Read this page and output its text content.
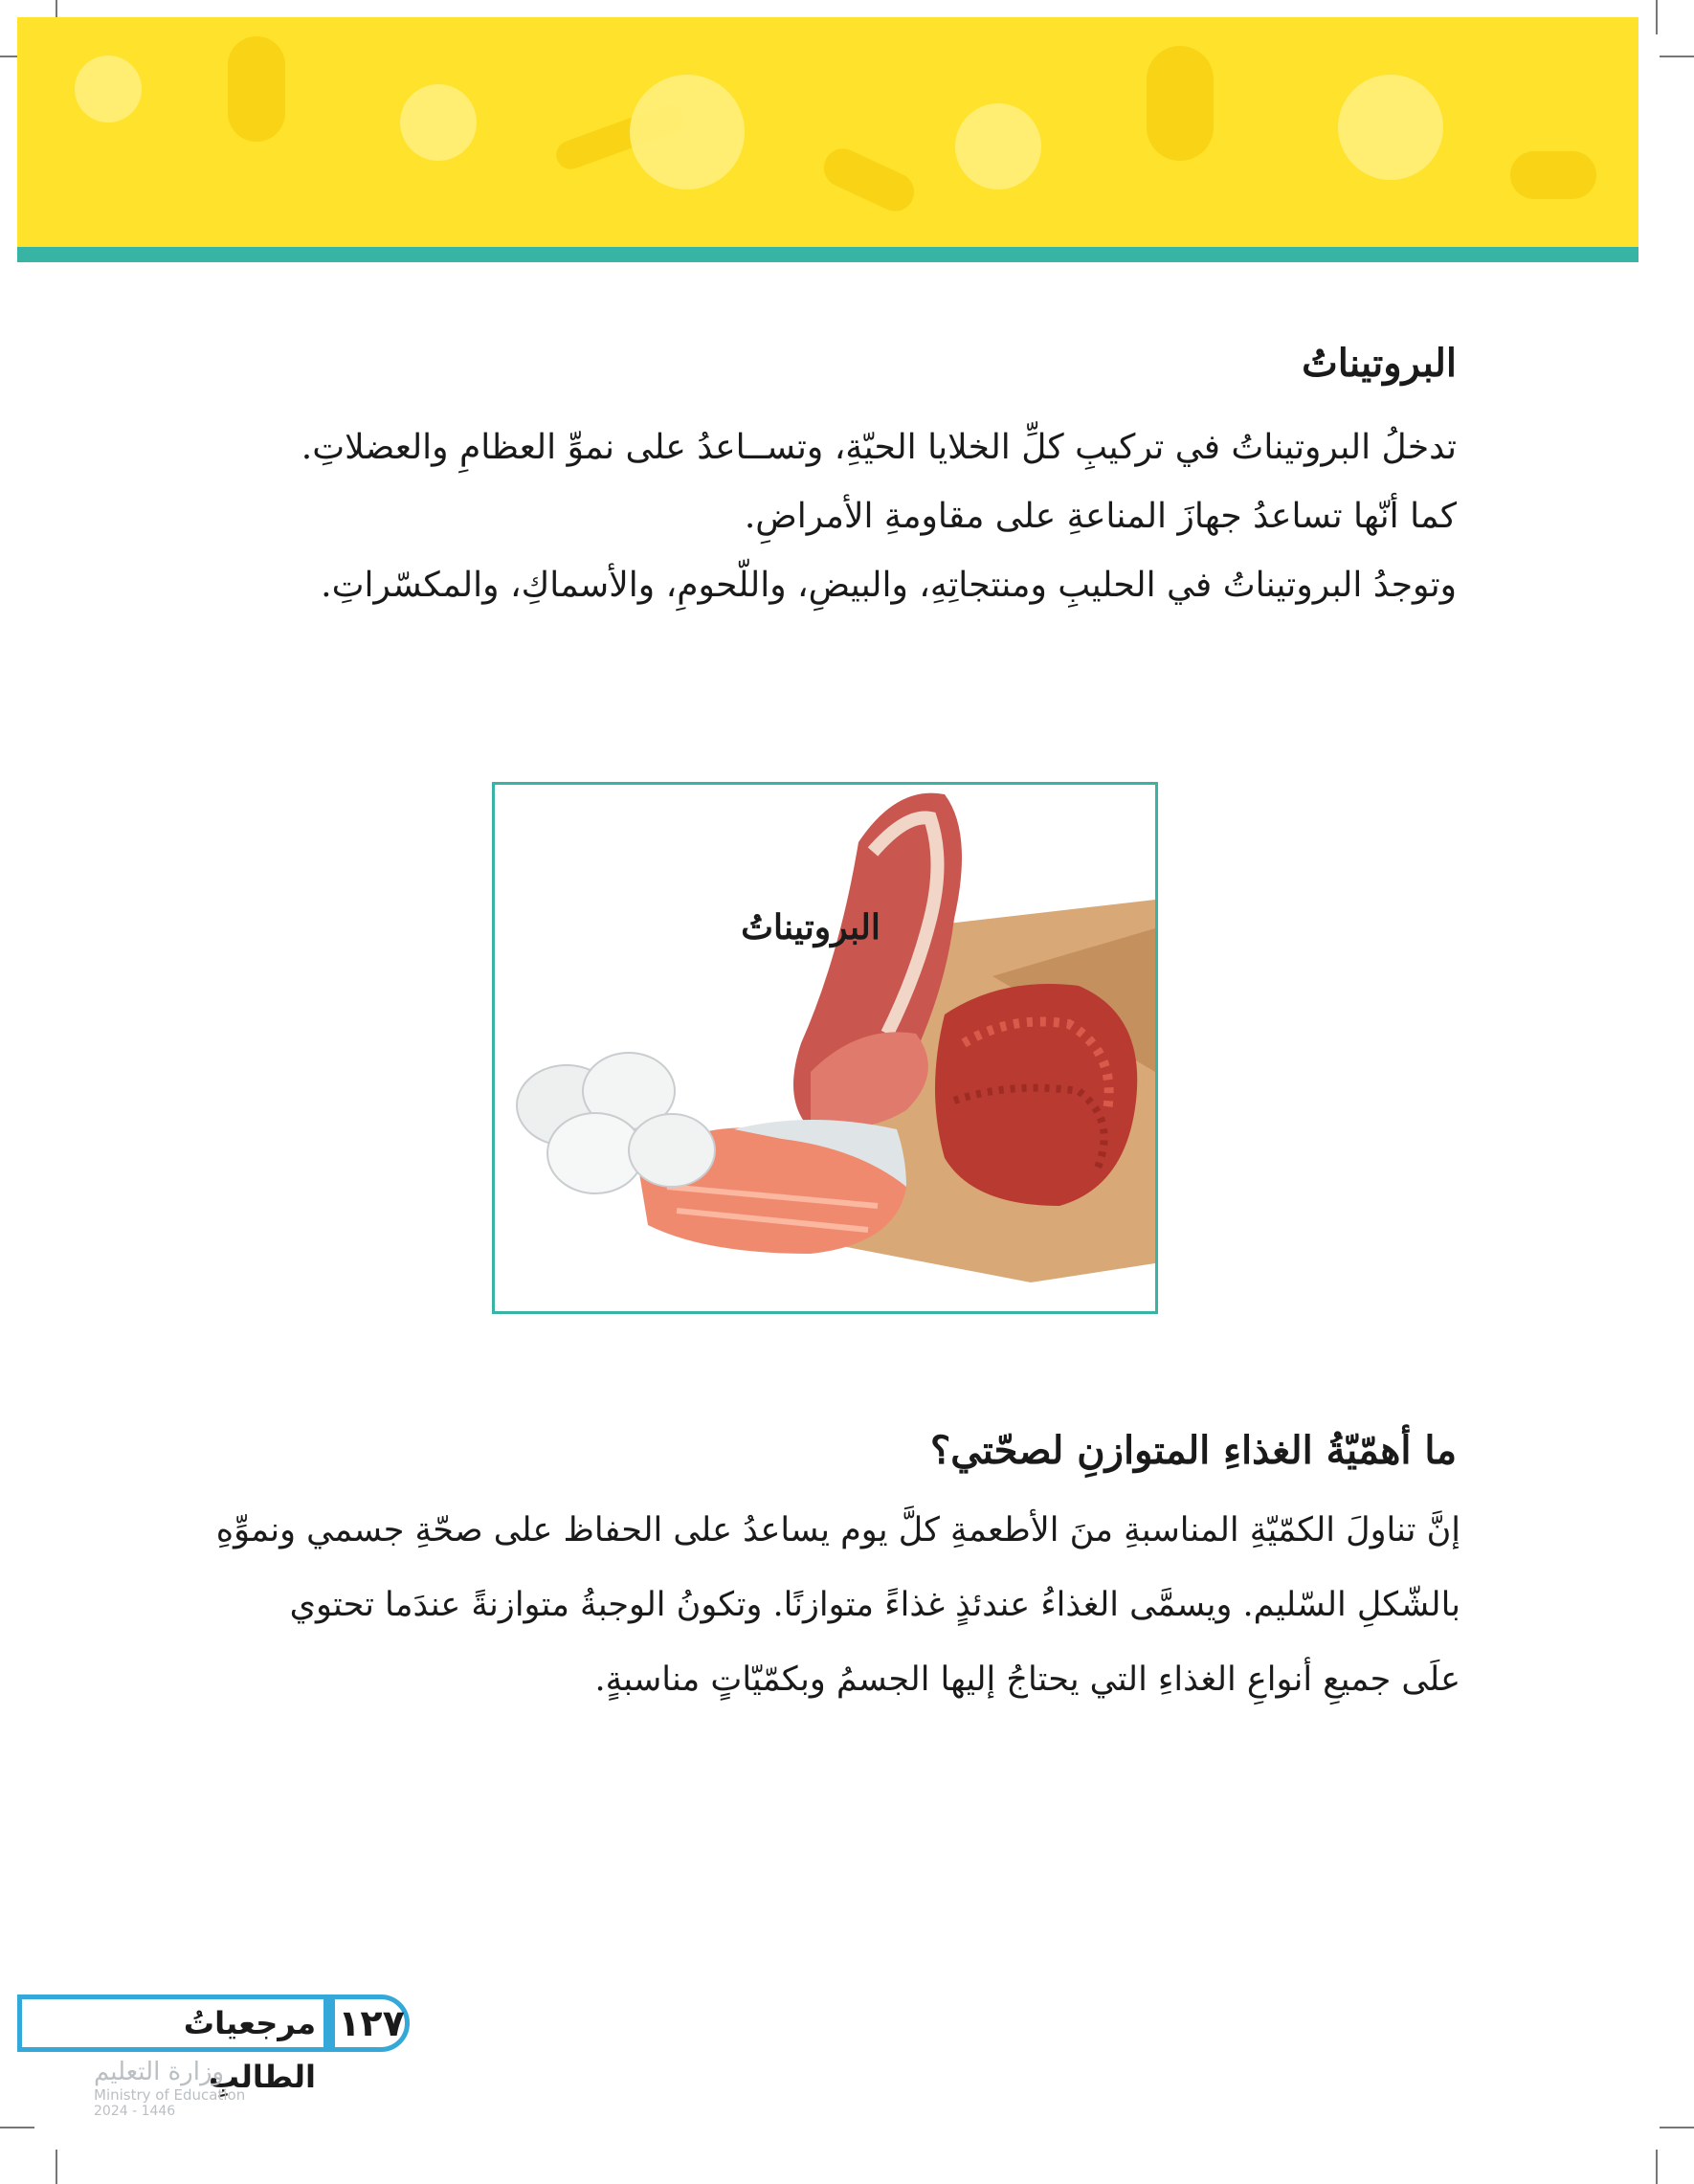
البروتيناتُ

تدخلُ البروتيناتُ في تركيبِ كلِّ الخلايا الحيّةِ، وتســاعدُ على نموِّ العظامِ والعضلاتِ.

كما أنّها تساعدُ جهازَ المناعةِ على مقاومةِ الأمراضِ.

وتوجدُ البروتيناتُ في الحليبِ ومنتجاتِهِ، والبيضِ، واللّحومِ، والأسماكِ، والمكسّراتِ.

البروتيناتُ
ما أهمّيّةُ الغذاءِ المتوازنِ لصحّتي؟

إنَّ تناولَ الكمّيّةِ المناسبةِ منَ الأطعمةِ كلَّ يوم يساعدُ على الحفاظ على صحّةِ جسمي ونموِّهِ

بالشّكلِ السّليم. ويسمَّى الغذاءُ عندئذٍ غذاءً متوازنًا. وتكونُ الوجبةُ متوازنةً عندَما تحتوي

علَى جميعِ أنواعِ الغذاءِ التي يحتاجُ إليها الجسمُ وبكمّيّاتٍ مناسبةٍ.

١٢٧
مرجعياتُ الطالبِ
وزارة التعليم
Ministry of Education
2024 - 1446
